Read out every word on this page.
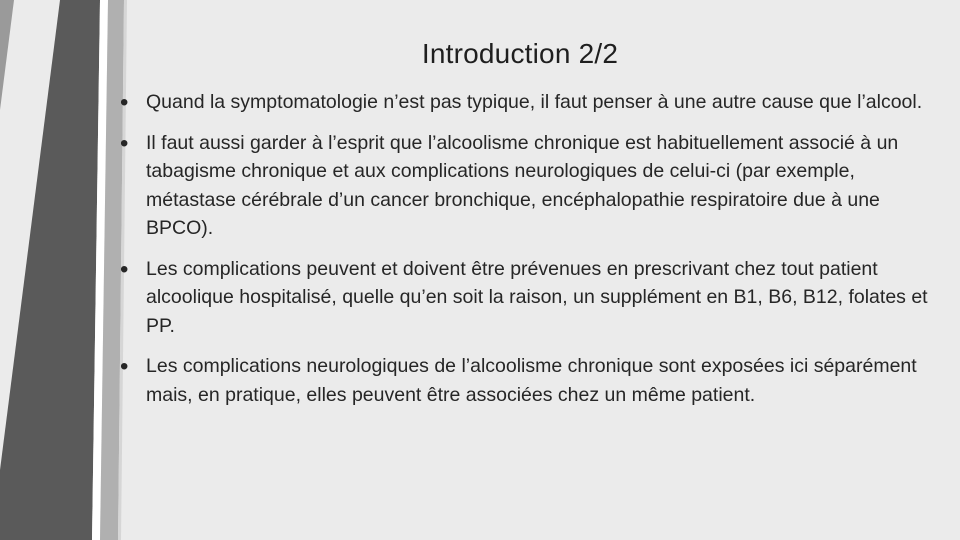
Introduction 2/2
• Quand la symptomatologie n’est pas typique, il faut penser à une autre cause que l’alcool.
• Il faut aussi garder à l’esprit que l’alcoolisme chronique est habituellement associé à un tabagisme chronique et aux complications neurologiques de celui-ci (par exemple, métastase cérébrale d’un cancer bronchique, encéphalopathie respiratoire due à une BPCO).
• Les complications peuvent et doivent être prévenues en prescrivant chez tout patient alcoolique hospitalisé, quelle qu’en soit la raison, un supplément en B1, B6, B12, folates et PP.
• Les complications neurologiques de l’alcoolisme chronique sont exposées ici séparément mais, en pratique, elles peuvent être associées chez un même patient.
